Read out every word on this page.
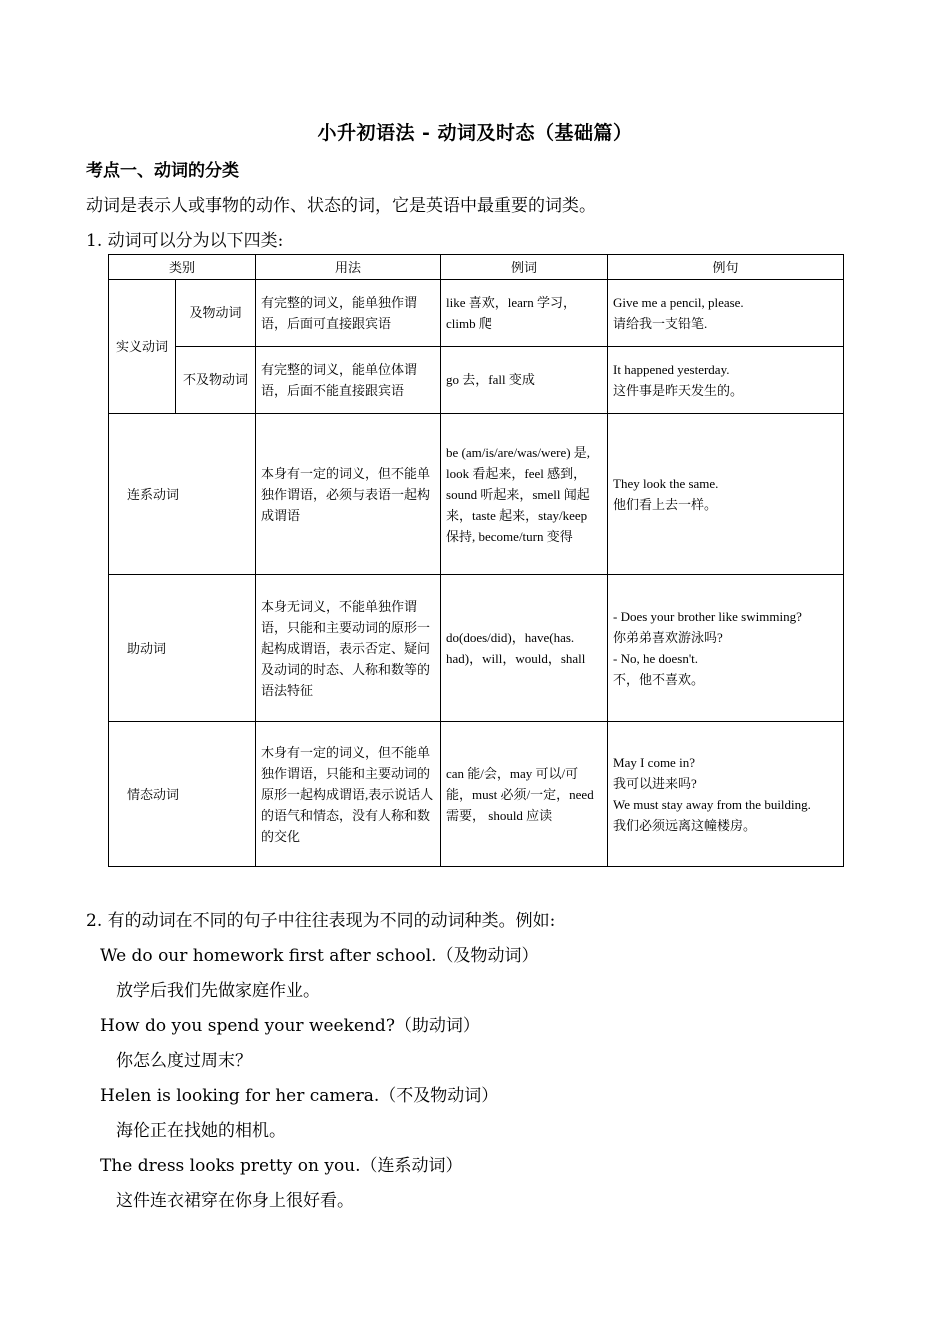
小升初语法 - 动词及时态（基础篇）
考点一、动词的分类
动词是表示人或事物的动作、状态的词，它是英语中最重要的词类。
1. 动词可以分为以下四类:
类别		用法	例词	例句
实义动词	及物动词	有完整的词义，能单独作谓语，后面可直接跟宾语	like 喜欢，learn 学习，climb 爬	Give me a pencil, please.
请给我一支铅笔.
	不及物动词	有完整的词义，能单位体谓语，后面不能直接跟宾语	go 去，fall 变成	It happened yesterday.
这件事是昨天发生的。
连系动词		本身有一定的词义，但不能单独作谓语，必须与表语一起构成谓语	be (am/is/are/was/were) 是, look 看起来，feel 感到，sound 听起来，smell 闻起来，taste 起来，stay/keep 保持, become/turn 变得	They look the same.
他们看上去一样。
助动词		本身无词义，不能单独作谓语，只能和主要动词的原形一起构成谓语，表示否定、疑问及动词的时态、人称和数等的语法特征	do(does/did)，have(has. had)，will，would，shall	- Does your brother like swimming?
你弟弟喜欢游泳吗?
- No, he doesn't.
不，他不喜欢。
情态动词		木身有一定的词义，但不能单独作谓语，只能和主要动词的原形一起构成谓语,表示说话人的语气和情态，没有人称和数的交化	can 能/会，may 可以/可能，must 必须/一定，need
需要， should 应读	May I come in?
我可以进来吗?
We must stay away from the building.
我们必须远离这幢楼房。
2. 有的动词在不同的句子中往往表现为不同的动词种类。例如:
We do our homework first after school.（及物动词）
放学后我们先做家庭作业。
How do you spend your weekend?（助动词）
你怎么度过周末？
Helen is looking for her camera.（不及物动词）
海伦正在找她的相机。
The dress looks pretty on you.（连系动词）
这件连衣裙穿在你身上很好看。
